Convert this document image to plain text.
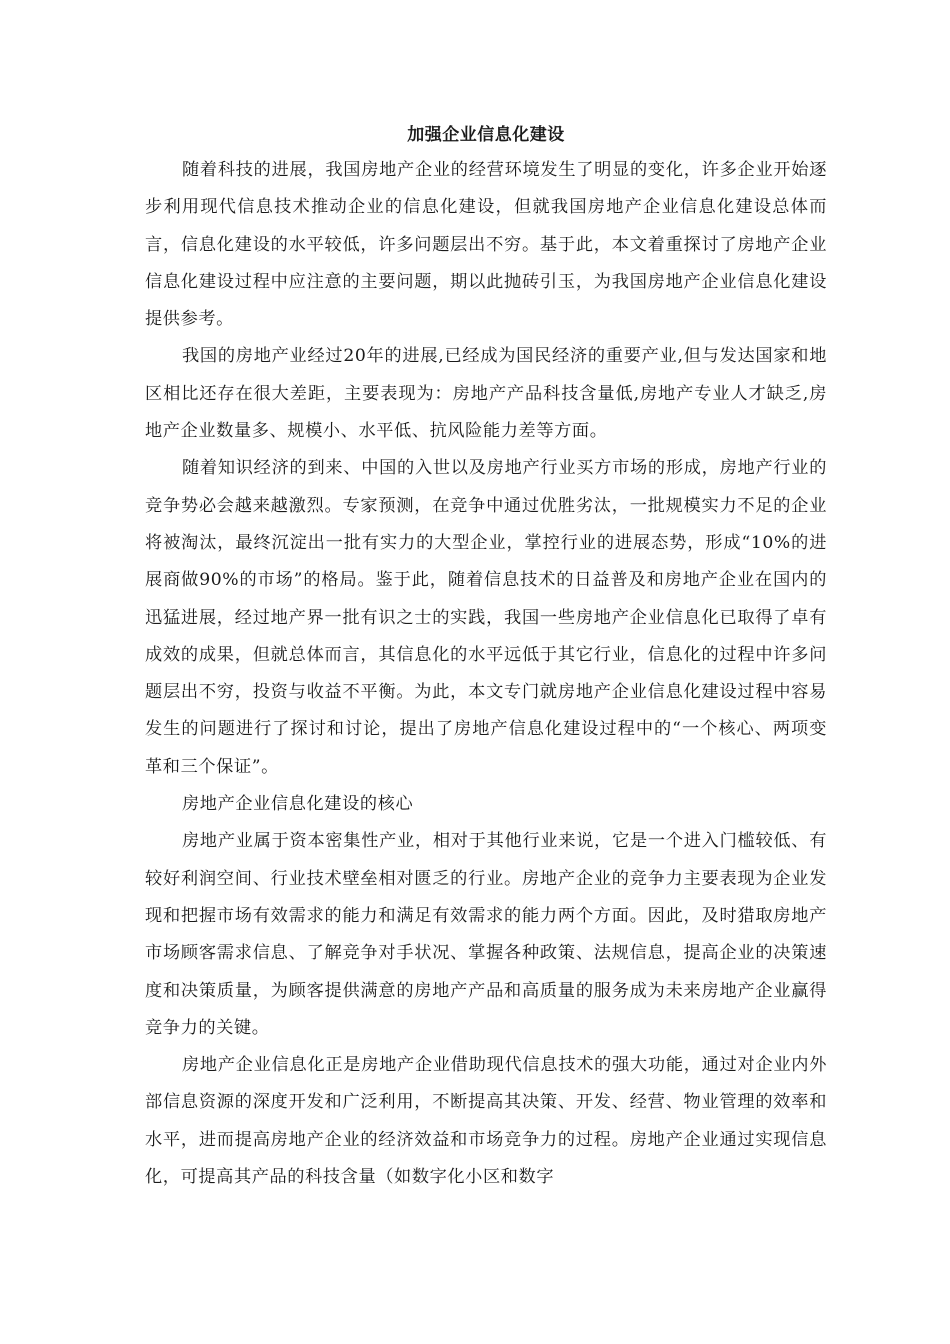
加强企业信息化建设

随着科技的进展，我国房地产企业的经营环境发生了明显的变化，许多企业开始逐步利用现代信息技术推动企业的信息化建设，但就我国房地产企业信息化建设总体而言，信息化建设的水平较低，许多问题层出不穷。基于此，本文着重探讨了房地产企业信息化建设过程中应注意的主要问题，期以此抛砖引玉，为我国房地产企业信息化建设提供参考。

我国的房地产业经过20年的进展,已经成为国民经济的重要产业,但与发达国家和地区相比还存在很大差距，主要表现为：房地产产品科技含量低,房地产专业人才缺乏,房地产企业数量多、规模小、水平低、抗风险能力差等方面。

随着知识经济的到来、中国的入世以及房地产行业买方市场的形成，房地产行业的竞争势必会越来越激烈。专家预测，在竞争中通过优胜劣汰，一批规模实力不足的企业将被淘汰，最终沉淀出一批有实力的大型企业，掌控行业的进展态势，形成“10%的进展商做90%的市场”的格局。鉴于此，随着信息技术的日益普及和房地产企业在国内的迅猛进展，经过地产界一批有识之士的实践，我国一些房地产企业信息化已取得了卓有成效的成果，但就总体而言，其信息化的水平远低于其它行业，信息化的过程中许多问题层出不穷，投资与收益不平衡。为此，本文专门就房地产企业信息化建设过程中容易发生的问题进行了探讨和讨论，提出了房地产信息化建设过程中的“一个核心、两项变革和三个保证”。

房地产企业信息化建设的核心

房地产业属于资本密集性产业，相对于其他行业来说，它是一个进入门槛较低、有较好利润空间、行业技术壁垒相对匮乏的行业。房地产企业的竞争力主要表现为企业发现和把握市场有效需求的能力和满足有效需求的能力两个方面。因此，及时猎取房地产市场顾客需求信息、了解竞争对手状况、掌握各种政策、法规信息，提高企业的决策速度和决策质量，为顾客提供满意的房地产产品和高质量的服务成为未来房地产企业赢得竞争力的关键。

房地产企业信息化正是房地产企业借助现代信息技术的强大功能，通过对企业内外部信息资源的深度开发和广泛利用，不断提高其决策、开发、经营、物业管理的效率和水平，进而提高房地产企业的经济效益和市场竞争力的过程。房地产企业通过实现信息化，可提高其产品的科技含量（如数字化小区和数字
